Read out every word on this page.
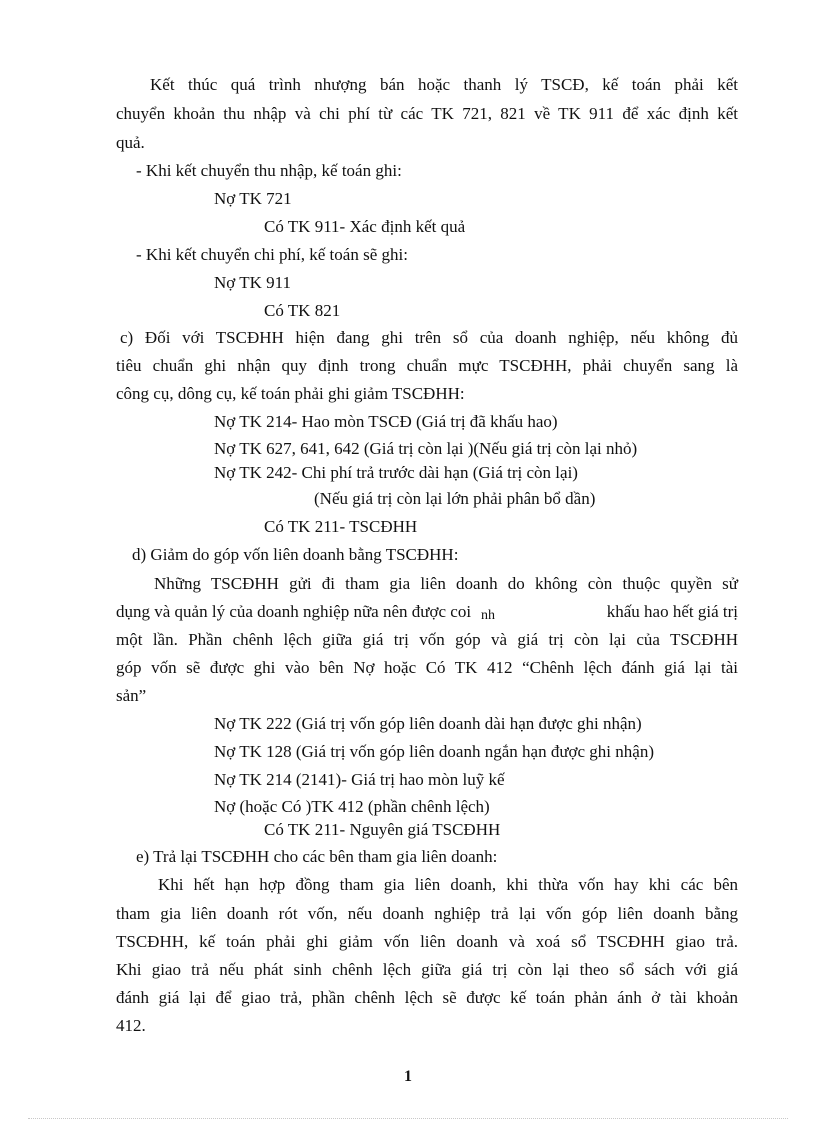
Kết thúc quá trình nhượng bán hoặc thanh lý TSCĐ, kế toán phải kết
chuyển khoản thu nhập và chi phí từ các TK 721, 821 về TK 911 để xác định kết
quả.
- Khi kết chuyển thu nhập, kế toán ghi:
Nợ TK 721
Có TK 911- Xác định kết quả
- Khi kết chuyển chi phí, kế toán sẽ ghi:
Nợ TK 911
Có TK 821
c) Đối với TSCĐHH hiện đang ghi trên sổ của doanh nghiệp, nếu không đủ
tiêu chuẩn ghi nhận quy định trong chuẩn mực TSCĐHH, phải chuyển sang là
công cụ, dông cụ, kế toán phải ghi giảm TSCĐHH:
Nợ TK 214- Hao mòn TSCĐ (Giá trị đã khấu hao)
Nợ TK 627, 641, 642 (Giá trị còn lại )(Nếu giá trị còn lại nhỏ)
Nợ TK 242- Chi phí trả trước dài hạn (Giá trị còn lại)
(Nếu giá trị còn lại lớn phải phân bổ dần)
Có TK 211- TSCĐHH
d) Giảm do góp vốn liên doanh bằng TSCĐHH:
Những TSCĐHH gửi đi tham gia liên doanh do không còn thuộc quyền sử
dụng và quản lý của doanh nghiệp nữa nên được coi nh	khấu hao hết giá trị
một lần. Phần chênh lệch giữa giá trị vốn góp và giá trị còn lại của TSCĐHH
góp vốn sẽ được ghi vào bên Nợ hoặc Có TK 412 “Chênh lệch đánh giá lại tài
sản”
Nợ TK 222 (Giá trị vốn góp liên doanh dài hạn được ghi nhận)
Nợ TK 128 (Giá trị vốn góp liên doanh ngắn hạn được ghi nhận)
Nợ TK 214 (2141)- Giá trị hao mòn luỹ kế
Nợ (hoặc Có )TK 412 (phần chênh lệch)
Có TK 211- Nguyên giá TSCĐHH
e) Trả lại TSCĐHH cho các bên tham gia liên doanh:
Khi hết hạn hợp đồng tham gia liên doanh, khi thừa vốn hay khi các bên
tham gia liên doanh rót vốn, nếu doanh nghiệp trả lại vốn góp liên doanh bằng
TSCĐHH, kế toán phải ghi giảm vốn liên doanh và xoá sổ TSCĐHH giao trả.
Khi giao trả nếu phát sinh chênh lệch giữa giá trị còn lại theo sổ sách với giá
đánh giá lại để giao trả, phần chênh lệch sẽ được kế toán phản ánh ở tài khoản
412.
1
